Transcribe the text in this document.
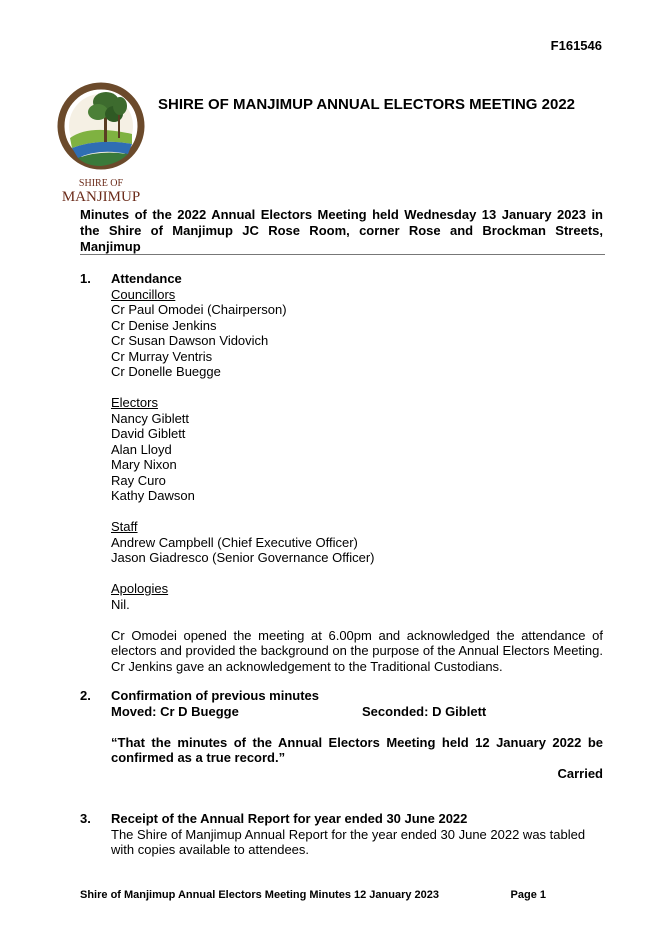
F161546
SHIRE OF
MANJIMUP
SHIRE OF MANJIMUP ANNUAL ELECTORS MEETING 2022
Minutes of the 2022 Annual Electors Meeting held Wednesday 13 January 2023 in the Shire of Manjimup JC Rose Room, corner Rose and Brockman Streets, Manjimup
1. Attendance
Councillors
Cr Paul Omodei (Chairperson)
Cr Denise Jenkins
Cr Susan Dawson Vidovich
Cr Murray Ventris
Cr Donelle Buegge
Electors
Nancy Giblett
David Giblett
Alan Lloyd
Mary Nixon
Ray Curo
Kathy Dawson
Staff
Andrew Campbell (Chief Executive Officer)
Jason Giadresco (Senior Governance Officer)
Apologies
Nil.
Cr Omodei opened the meeting at 6.00pm and acknowledged the attendance of electors and provided the background on the purpose of the Annual Electors Meeting. Cr Jenkins gave an acknowledgement to the Traditional Custodians.
2. Confirmation of previous minutes
Moved: Cr D Buegge	Seconded: D Giblett
“That the minutes of the Annual Electors Meeting held 12 January 2022 be confirmed as a true record.”
Carried
3. Receipt of the Annual Report for year ended 30 June 2022
The Shire of Manjimup Annual Report for the year ended 30 June 2022 was tabled with copies available to attendees.
Shire of Manjimup Annual Electors Meeting Minutes 12 January 2023	Page 1
